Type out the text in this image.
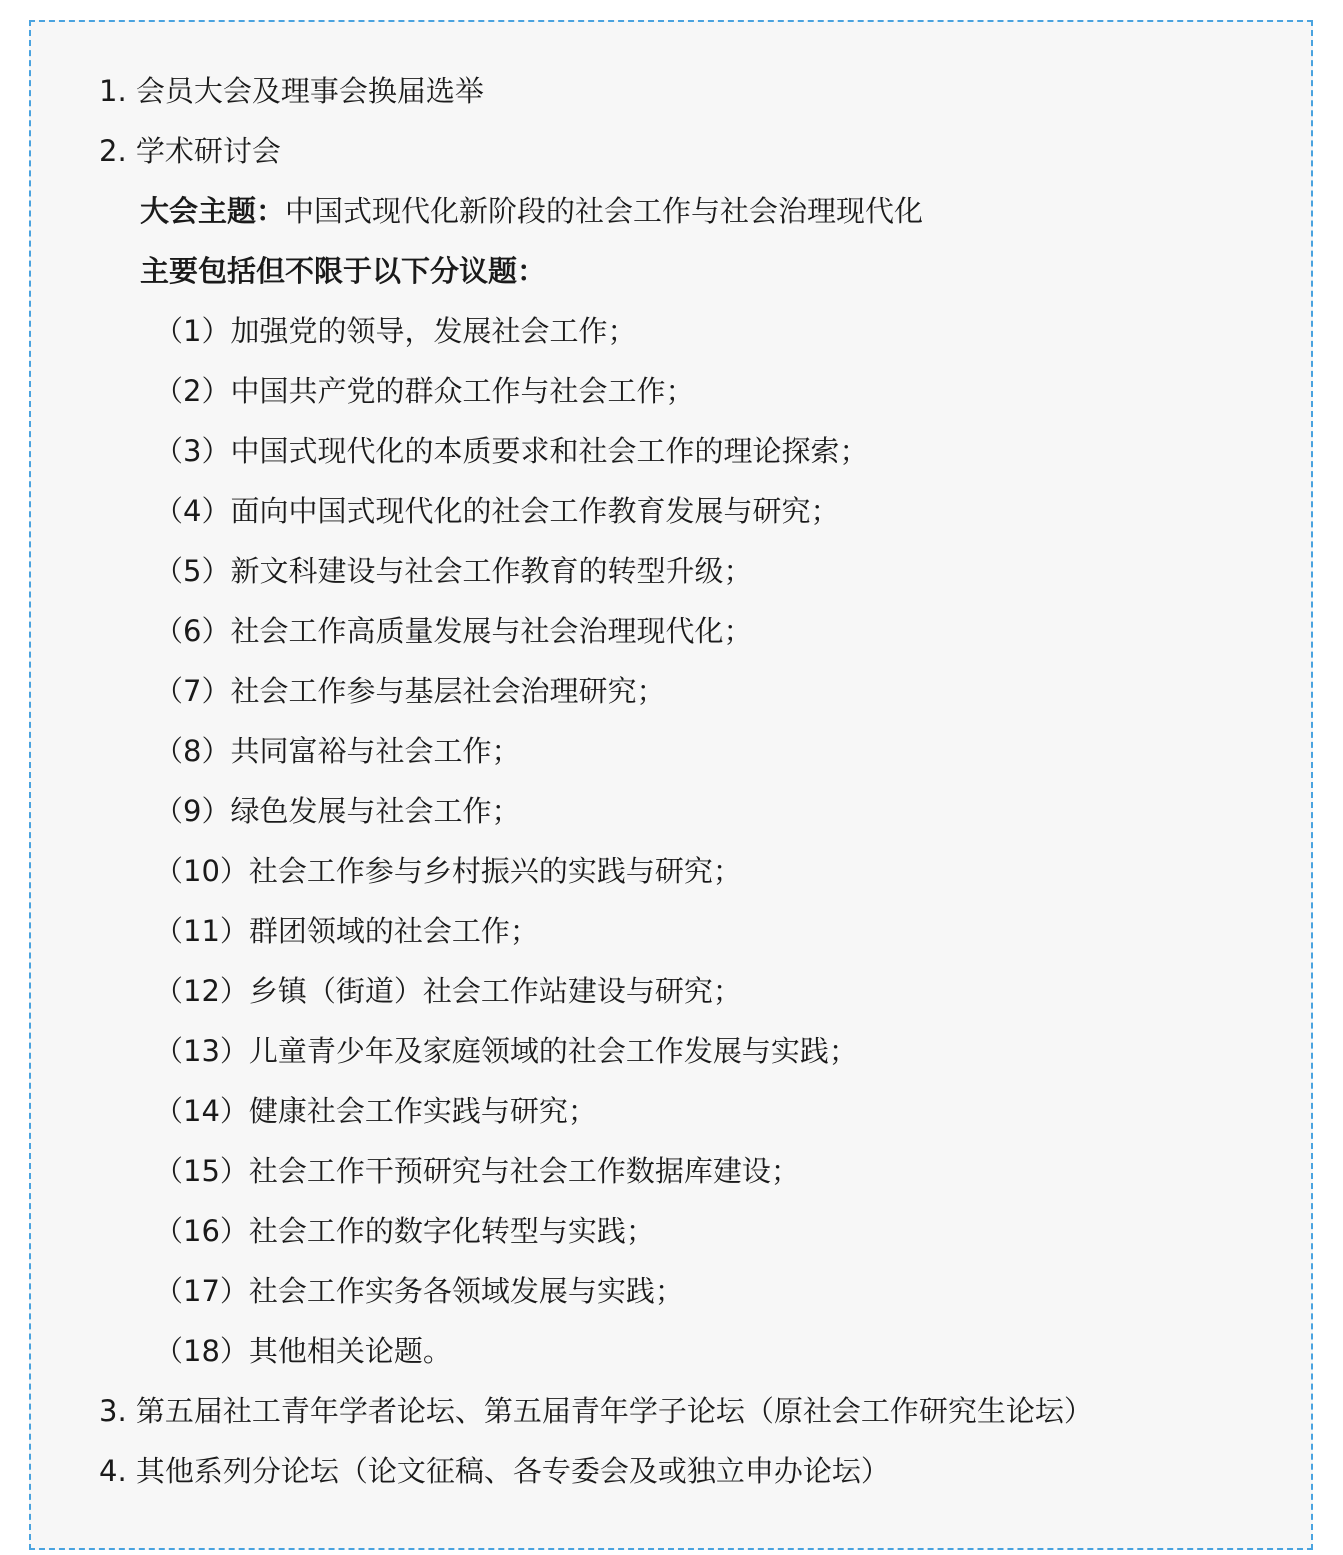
1. 会员大会及理事会换届选举
2. 学术研讨会
大会主题：中国式现代化新阶段的社会工作与社会治理现代化
主要包括但不限于以下分议题：
（1）加强党的领导，发展社会工作；
（2）中国共产党的群众工作与社会工作；
（3）中国式现代化的本质要求和社会工作的理论探索；
（4）面向中国式现代化的社会工作教育发展与研究；
（5）新文科建设与社会工作教育的转型升级；
（6）社会工作高质量发展与社会治理现代化；
（7）社会工作参与基层社会治理研究；
（8）共同富裕与社会工作；
（9）绿色发展与社会工作；
（10）社会工作参与乡村振兴的实践与研究；
（11）群团领域的社会工作；
（12）乡镇（街道）社会工作站建设与研究；
（13）儿童青少年及家庭领域的社会工作发展与实践；
（14）健康社会工作实践与研究；
（15）社会工作干预研究与社会工作数据库建设；
（16）社会工作的数字化转型与实践；
（17）社会工作实务各领域发展与实践；
（18）其他相关论题。
3. 第五届社工青年学者论坛、第五届青年学子论坛（原社会工作研究生论坛）
4. 其他系列分论坛（论文征稿、各专委会及或独立申办论坛）
